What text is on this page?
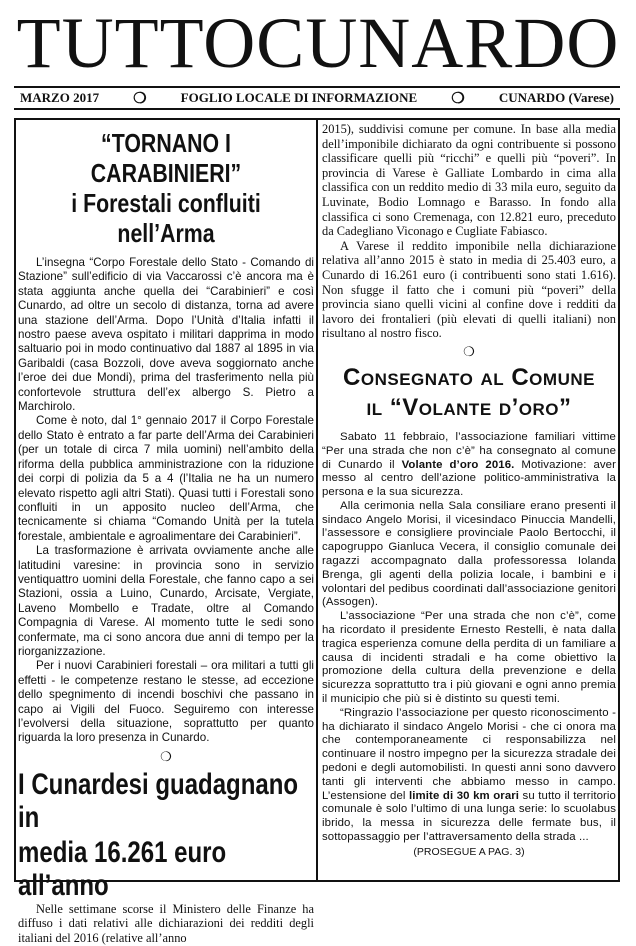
TUTTOCUNARDO
MARZO 2017 ❍	FOGLIO LOCALE DI INFORMAZIONE ❍	CUNARDO (Varese)
“TORNANO I CARABINIERI”
i Forestali confluiti nell’Arma

L’insegna “Corpo Forestale dello Stato - Comando di Stazione” sull’edificio di via Vaccarossi c’è ancora ma è stata aggiunta anche quella dei “Carabinieri” e così Cunardo, ad oltre un secolo di distanza, torna ad avere una stazione dell’Arma. Dopo l’Unità d’Italia infatti il nostro paese aveva ospitato i militari dapprima in modo saltuario poi in modo continuativo dal 1887 al 1895 in via Garibaldi (casa Bozzoli, dove aveva soggiornato anche l’eroe dei due Mondi), prima del trasferimento nella più confortevole struttura dell’ex albergo S. Pietro a Marchirolo.

Come è noto, dal 1° gennaio 2017 il Corpo Forestale dello Stato è entrato a far parte dell’Arma dei Carabinieri (per un totale di circa 7 mila uomini) nell’ambito della riforma della pubblica amministrazione con la riduzione dei corpi di polizia da 5 a 4 (l’Italia ne ha un numero elevato rispetto agli altri Stati). Quasi tutti i Forestali sono confluiti in un apposito nucleo dell’Arma, che tecnicamente si chiama “Comando Unità per la tutela forestale, ambientale e agroalimentare dei Carabinieri”.

La trasformazione è arrivata ovviamente anche alle latitudini varesine: in provincia sono in servizio ventiquattro uomini della Forestale, che fanno capo a sei Stazioni, ossia a Luino, Cunardo, Arcisate, Vergiate, Laveno Mombello e Tradate, oltre al Comando Compagnia di Varese. Al momento tutte le sedi sono confermate, ma ci sono ancora due anni di tempo per la riorganizzazione.

Per i nuovi Carabinieri forestali – ora militari a tutti gli effetti - le competenze restano le stesse, ad eccezione dello spegnimento di incendi boschivi che passano in capo ai Vigili del Fuoco. Seguiremo con interesse l’evolversi della situazione, soprattutto per quanto riguarda la loro presenza in Cunardo.

❍
I Cunardesi guadagnano in
media 16.261 euro all’anno

Nelle settimane scorse il Ministero delle Finanze ha diffuso i dati relativi alle dichiarazioni dei redditi degli italiani del 2016 (relative all’anno

2015), suddivisi comune per comune. In base alla media dell’imponibile dichiarato da ogni contribuente si possono classificare quelli più “ricchi” e quelli più “poveri”. In provincia di Varese è Galliate Lombardo in cima alla classifica con un reddito medio di 33 mila euro, seguito da Luvinate, Bodio Lomnago e Barasso. In fondo alla classifica ci sono Cremenaga, con 12.821 euro, preceduto da Cadegliano Viconago e Cugliate Fabiasco.

A Varese il reddito imponibile nella dichiarazione relativa all’anno 2015 è stato in media di 25.403 euro, a Cunardo di 16.261 euro (i contribuenti sono stati 1.616). Non sfugge il fatto che i comuni più “poveri” della provincia siano quelli vicini al confine dove i redditi da lavoro dei frontalieri (più elevati di quelli italiani) non risultano al nostro fisco.

❍
Consegnato al Comune
il “Volante d’oro”

Sabato 11 febbraio, l’associazione familiari vittime “Per una strada che non c’è” ha consegnato al comune di Cunardo il Volante d’oro 2016. Motivazione: aver messo al centro dell’azione politico-amministrativa la persona e la sua sicurezza.

Alla cerimonia nella Sala consiliare erano presenti il sindaco Angelo Morisi, il vicesindaco Pinuccia Mandelli, l’assessore e consigliere provinciale Paolo Bertocchi, il capogruppo Gianluca Vecera, il consiglio comunale dei ragazzi accompagnato dalla professoressa Iolanda Brenga, gli agenti della polizia locale, i bambini e i volontari del pedibus coordinati dall’associazione genitori (Assogen).

L’associazione “Per una strada che non c’è”, come ha ricordato il presidente Ernesto Restelli, è nata dalla tragica esperienza comune della perdita di un familiare a causa di incidenti stradali e ha come obiettivo la promozione della cultura della prevenzione e della sicurezza soprattutto tra i più giovani e ogni anno premia il municipio che più si è distinto su questi temi.

“Ringrazio l’associazione per questo riconoscimento - ha dichiarato il sindaco Angelo Morisi - che ci onora ma che contemporaneamente ci responsabilizza nel continuare il nostro impegno per la sicurezza stradale dei pedoni e degli automobilisti. In questi anni sono davvero tanti gli interventi che abbiamo messo in campo. L’estensione del limite di 30 km orari su tutto il territorio comunale è solo l’ultimo di una lunga serie: lo scuolabus ibrido, la messa in sicurezza delle fermate bus, il sottopassaggio per l’attraversamento della strada ...

(PROSEGUE A PAG. 3)
